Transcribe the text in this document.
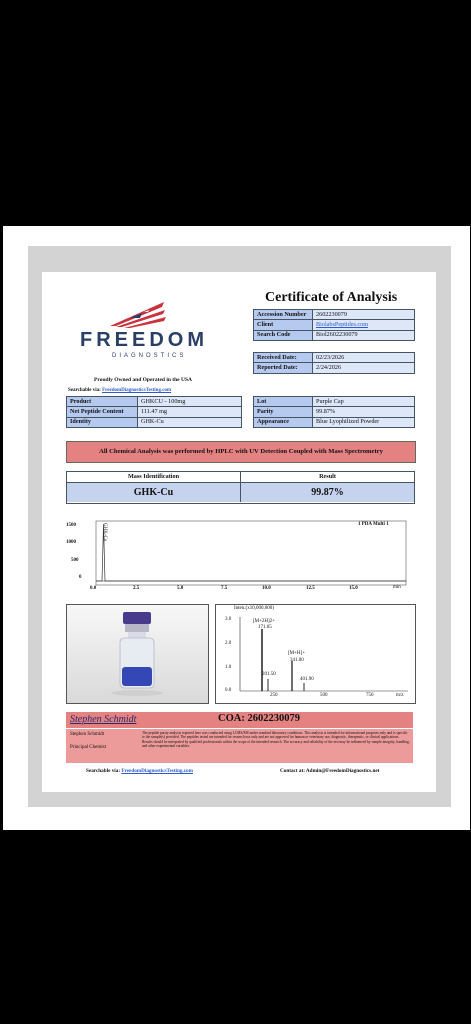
FREEDOM
DIAGNOSTICS
Proudly Owned and Operated in the USA
Searchable via: FreedomDiagnosticsTesting.com
Certificate of Analysis
Accession Number	2602230079
Client	BiolabsPeptides.com
Search Code	Biol2602230079
Received Date:	02/23/2026
Reported Date:	2/24/2026
Product	GHKCU - 100mg
Net Peptide Content	111.47 mg
Identity	GHK-Cu
Lot	Purple Cap
Parity	99.87%
Appearance	Blue Lyophilized Powder
All Chemical Analysis was performed by HPLC with UV Detection Coupled with Mass Spectrometry
Mass Identification	Result
GHK-Cu	99.87%
1500
1000
500
0
GHK-Cu	1 PDA Multi 1
0.0	2.5	5.0	7.5	10.0	12.5	15.0	min
Inten.(x10,000,000)
3.0
2.0
1.0
0.0
[M+2H]2+
171.05
[M+H]+
341.00
201.50
401.90
250	500	750	m/z
Stephen Schmidt	COA: 2602230079
Stephen Schmidt
Principal Chemist
The peptide purity analysis reported here was conducted using LCMS/MS under standard laboratory conditions. This analysis is intended for informational purposes only and is specific to the sample(s) provided. The peptides tested are intended for research use only and are not approved for human or veterinary use, diagnostic, therapeutic, or clinical applications. Results should be interpreted by qualified professionals within the scope of the intended research. The accuracy and reliability of the test may be influenced by sample integrity, handling, and other experimental variables.
Searchable via: FreedomDiagnosticsTesting.com	Contact at: Admin@FreedomDiagnostics.net
